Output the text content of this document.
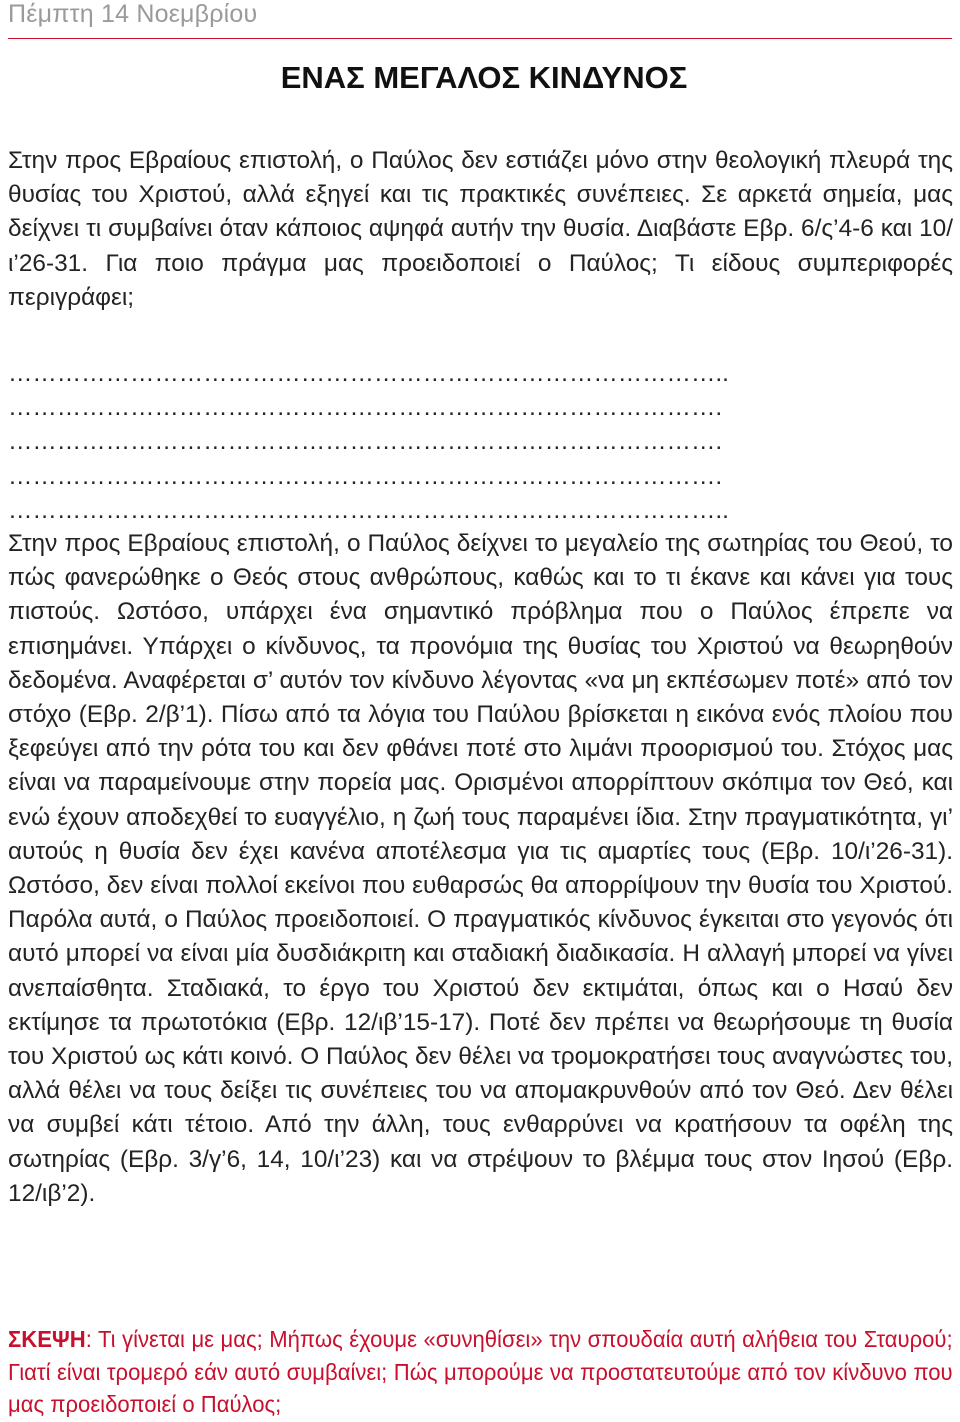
Πέμπτη 14 Νοεμβρίου
ΕΝΑΣ ΜΕΓΑΛΟΣ ΚΙΝΔΥΝΟΣ

Στην προς Εβραίους επιστολή, ο Παύλος δεν εστιάζει μόνο στην θεολογική πλευρά της θυσίας του Χριστού, αλλά εξηγεί και τις πρακτικές συνέπειες. Σε αρκετά σημεία, μας δείχνει τι συμβαίνει όταν κάποιος αψηφά αυτήν την θυσία. Διαβάστε Εβρ. 6/ς’4-6 και 10/ι’26-31. Για ποιο πράγμα μας προειδοποιεί ο Παύλος; Τι είδους συμπεριφορές περιγράφει;

……………………………………………………………………………..
…………………………………………………………………………….
…………………………………………………………………………….
…………………………………………………………………………….
……………………………………………………………………………..

Στην προς Εβραίους επιστολή, ο Παύλος δείχνει το μεγαλείο της σωτηρίας του Θεού, το πώς φανερώθηκε ο Θεός στους ανθρώπους, καθώς και το τι έκανε και κάνει για τους πιστούς. Ωστόσο, υπάρχει ένα σημαντικό πρόβλημα που ο Παύλος έπρεπε να επισημάνει. Υπάρχει ο κίνδυνος, τα προνόμια της θυσίας του Χριστού να θεωρηθούν δεδομένα. Αναφέρεται σ’ αυτόν τον κίνδυνο λέγοντας «να μη εκπέσωμεν ποτέ» από τον στόχο (Εβρ. 2/β’1). Πίσω από τα λόγια του Παύλου βρίσκεται η εικόνα ενός πλοίου που ξεφεύγει από την ρότα του και δεν φθάνει ποτέ στο λιμάνι προορισμού του. Στόχος μας είναι να παραμείνουμε στην πορεία μας. Ορισμένοι απορρίπτουν σκόπιμα τον Θεό, και ενώ έχουν αποδεχθεί το ευαγγέλιο, η ζωή τους παραμένει ίδια. Στην πραγματικότητα, γι’ αυτούς η θυσία δεν έχει κανένα αποτέλεσμα για τις αμαρτίες τους (Εβρ. 10/ι’26-31). Ωστόσο, δεν είναι πολλοί εκείνοι που ευθαρσώς θα απορρίψουν την θυσία του Χριστού. Παρόλα αυτά, ο Παύλος προειδοποιεί. Ο πραγματικός κίνδυνος έγκειται στο γεγονός ότι αυτό μπορεί να είναι μία δυσδιάκριτη και σταδιακή διαδικασία. Η αλλαγή μπορεί να γίνει ανεπαίσθητα. Σταδιακά, το έργο του Χριστού δεν εκτιμάται, όπως και ο Ησαύ δεν εκτίμησε τα πρωτοτόκια (Εβρ. 12/ιβ’15-17). Ποτέ δεν πρέπει να θεωρήσουμε τη θυσία του Χριστού ως κάτι κοινό. Ο Παύλος δεν θέλει να τρομοκρατήσει τους αναγνώστες του, αλλά θέλει να τους δείξει τις συνέπειες του να απομακρυνθούν από τον Θεό. Δεν θέλει να συμβεί κάτι τέτοιο. Από την άλλη, τους ενθαρρύνει να κρατήσουν τα οφέλη της σωτηρίας (Εβρ. 3/γ’6, 14, 10/ι’23) και να στρέψουν το βλέμμα τους στον Ιησού (Εβρ. 12/ιβ’2).

ΣΚΕΨΗ: Τι γίνεται με μας; Μήπως έχουμε «συνηθίσει» την σπουδαία αυτή αλήθεια του Σταυρού; Γιατί είναι τρομερό εάν αυτό συμβαίνει; Πώς μπορούμε να προστατευτούμε από τον κίνδυνο που μας προειδοποιεί ο Παύλος;
